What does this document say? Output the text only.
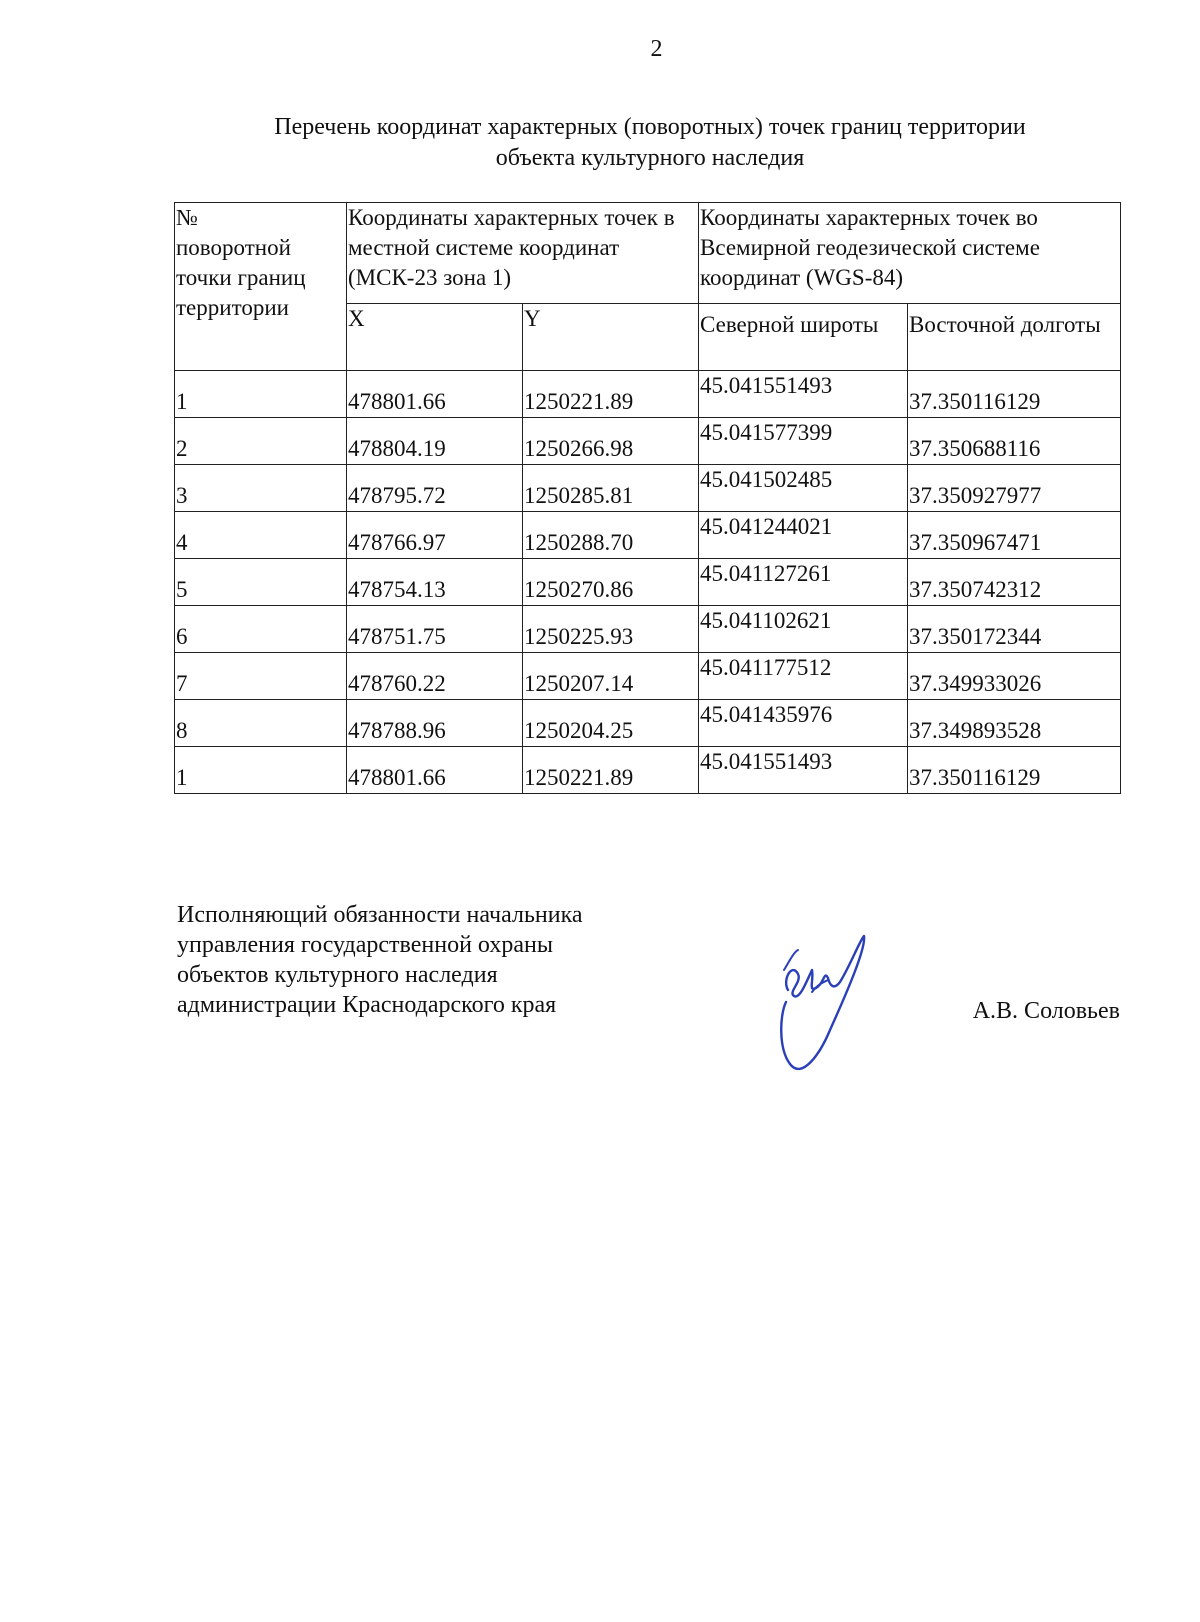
2
Перечень координат характерных (поворотных) точек границ территории
объекта культурного наследия
№
поворотной
точки границ
территории	Координаты характерных точек в местной системе координат (МСК-23 зона 1)		Координаты характерных точек во Всемирной геодезической системе координат (WGS-84)	
	X	Y	Северной широты	Восточной долготы
1	478801.66	1250221.89	45.041551493	37.350116129
2	478804.19	1250266.98	45.041577399	37.350688116
3	478795.72	1250285.81	45.041502485	37.350927977
4	478766.97	1250288.70	45.041244021	37.350967471
5	478754.13	1250270.86	45.041127261	37.350742312
6	478751.75	1250225.93	45.041102621	37.350172344
7	478760.22	1250207.14	45.041177512	37.349933026
8	478788.96	1250204.25	45.041435976	37.349893528
1	478801.66	1250221.89	45.041551493	37.350116129
Исполняющий обязанности начальника
управления государственной охраны
объектов культурного наследия
администрации Краснодарского края	А.В. Соловьев
